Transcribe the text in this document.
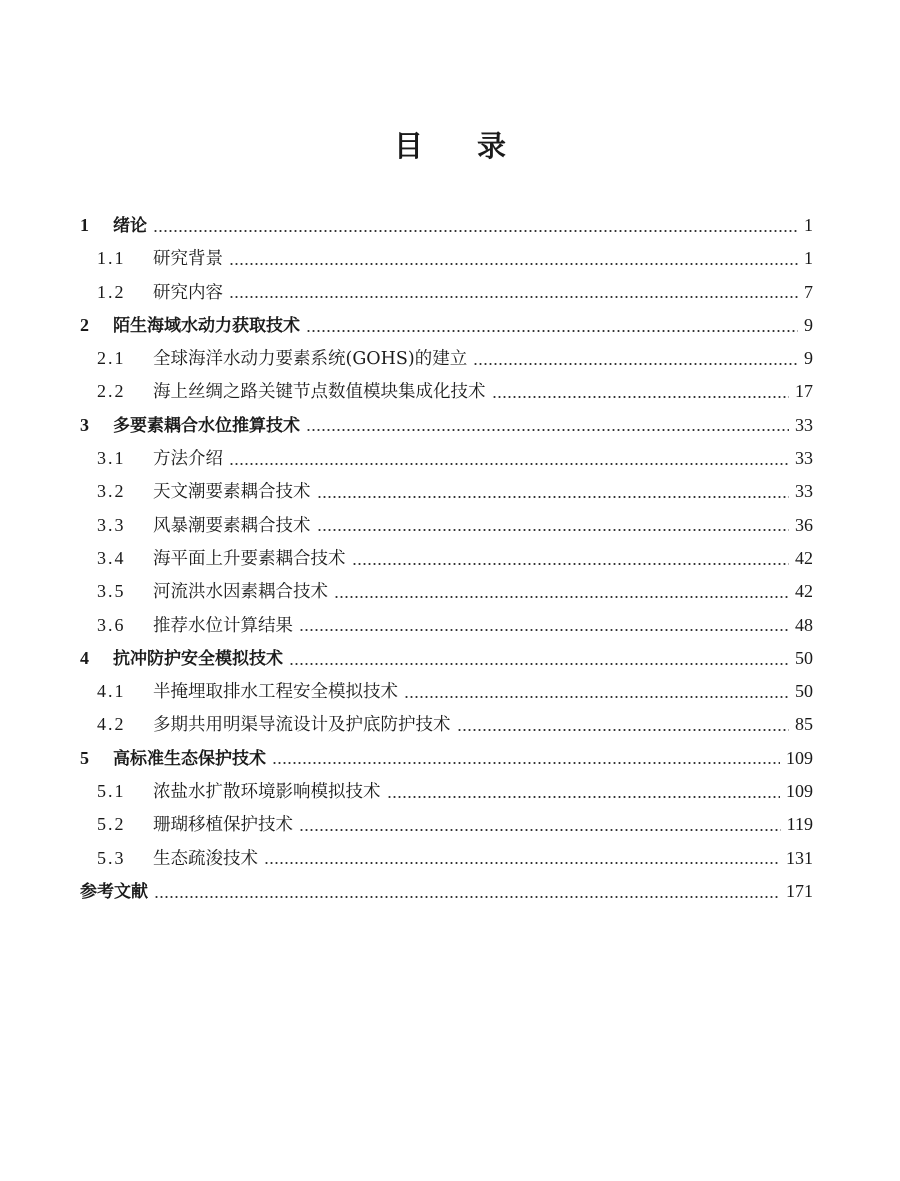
目 录
1	绪论	1
1.1	研究背景	1
1.2	研究内容	7
2	陌生海域水动力获取技术	9
2.1	全球海洋水动力要素系统(GOHS)的建立	9
2.2	海上丝绸之路关键节点数值模块集成化技术	17
3	多要素耦合水位推算技术	33
3.1	方法介绍	33
3.2	天文潮要素耦合技术	33
3.3	风暴潮要素耦合技术	36
3.4	海平面上升要素耦合技术	42
3.5	河流洪水因素耦合技术	42
3.6	推荐水位计算结果	48
4	抗冲防护安全模拟技术	50
4.1	半掩埋取排水工程安全模拟技术	50
4.2	多期共用明渠导流设计及护底防护技术	85
5	高标准生态保护技术	109
5.1	浓盐水扩散环境影响模拟技术	109
5.2	珊瑚移植保护技术	119
5.3	生态疏浚技术	131
参考文献	171
